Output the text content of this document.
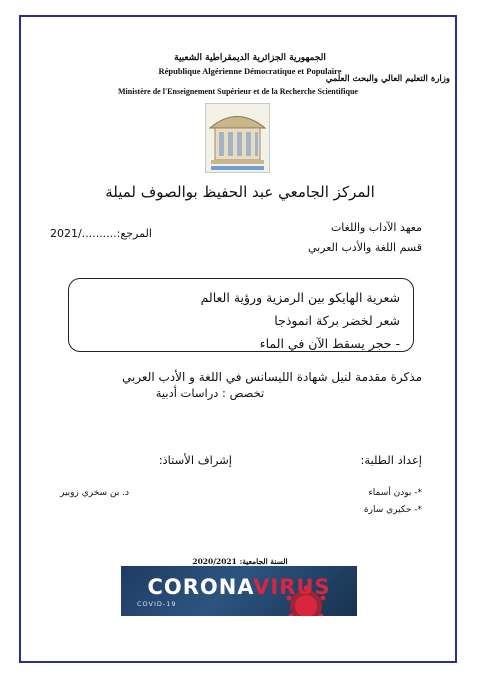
الجمهورية الجزائرية الديمقراطية الشعبية
République Algérienne Démocratique et Populaire
وزارة التعليم العالي والبحث العلمي
Ministère de l'Enseignement Supérieur et de la Recherche Scientifique
المركز الجامعي عبد الحفيظ بوالصوف لميلة
معهد الآداب واللغات
قسم اللغة والأدب العربي
المرجع:........../2021
شعرية الهايكو بين الرمزية ورؤية العالم
شعر لخضر بركة انموذجا
- حجر يسقط الآن في الماء
مذكرة مقدمة لنيل شهادة الليسانس في اللغة و الأدب العربي
تخصص : دراسات أدبية
إعداد الطلبة:
إشراف الأستاذ:
*- بودن أسماء
*- حكيري سارة
د. بن سخري زوبير
السنة الجامعية: 2020/2021
CORONAVIRUS
COVID-19
